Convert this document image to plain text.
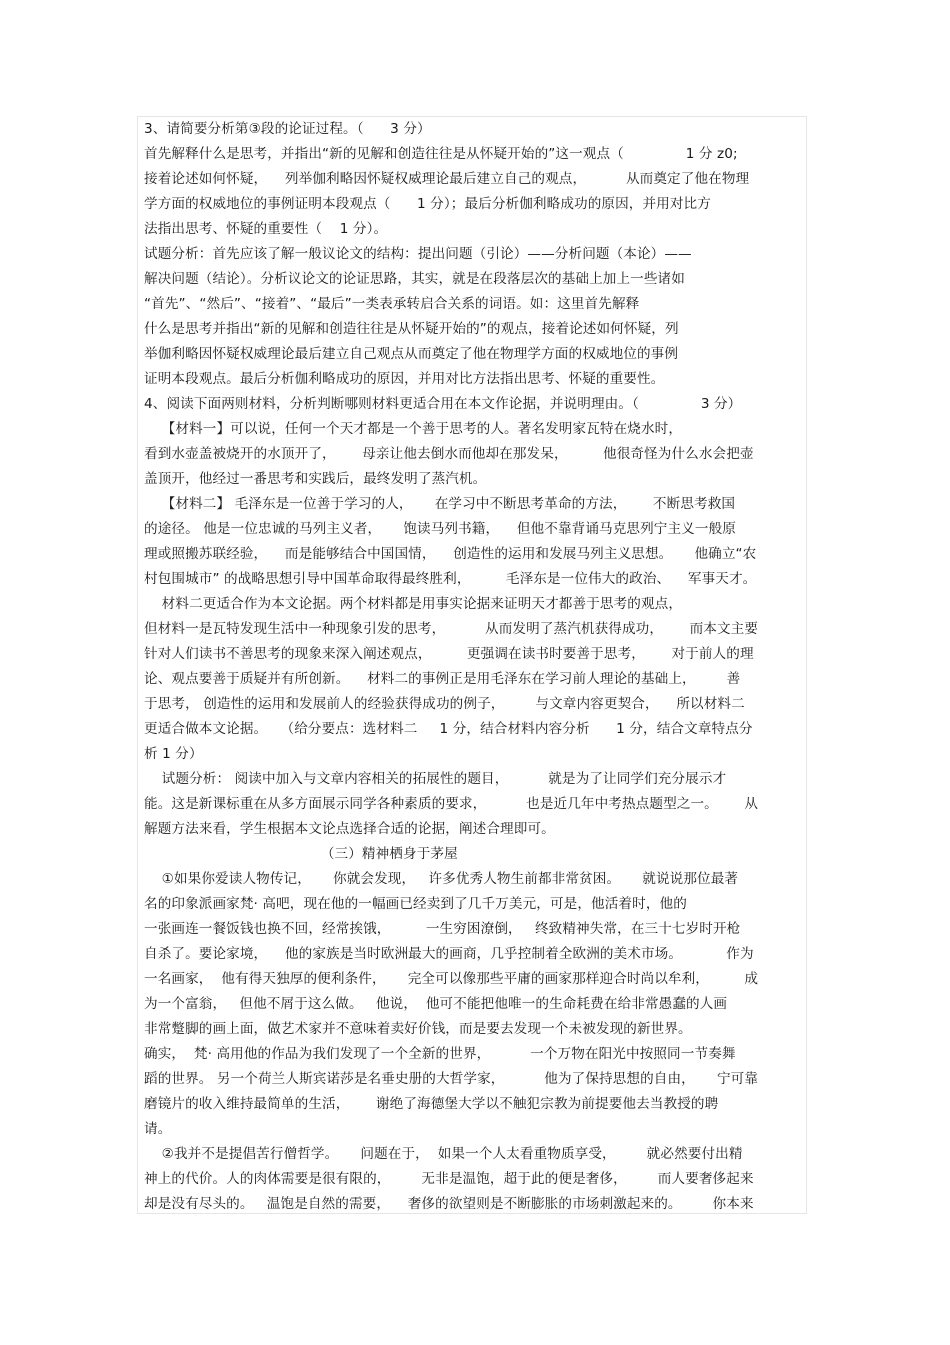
3、请简要分析第③段的论证过程。（      3 分）
首先解释什么是思考，并指出“新的见解和创造往往是从怀疑开始的”这一观点（              1 分 z0;
接着论述如何怀疑，    列举伽利略因怀疑权威理论最后建立自己的观点，         从而奠定了他在物理
学方面的权威地位的事例证明本段观点（      1 分）；最后分析伽利略成功的原因，并用对比方
法指出思考、怀疑的重要性（    1 分）。
试题分析：首先应该了解一般议论文的结构：提出问题（引论）——分析问题（本论）——
解决问题（结论）。分析议论文的论证思路，其实，就是在段落层次的基础上加上一些诸如
“首先”、“然后”、“接着”、“最后”一类表承转启合关系的词语。如：这里首先解释
什么是思考并指出“新的见解和创造往往是从怀疑开始的”的观点，接着论述如何怀疑，列
举伽利略因怀疑权威理论最后建立自己观点从而奠定了他在物理学方面的权威地位的事例
证明本段观点。最后分析伽利略成功的原因，并用对比方法指出思考、怀疑的重要性。
4、阅读下面两则材料，分析判断哪则材料更适合用在本文作论据，并说明理由。（              3 分）
【材料一】可以说，任何一个天才都是一个善于思考的人。著名发明家瓦特在烧水时，
看到水壶盖被烧开的水顶开了，      母亲让他去倒水而他却在那发呆，        他很奇怪为什么水会把壶
盖顶开，他经过一番思考和实践后，最终发明了蒸汽机。
【材料二】 毛泽东是一位善于学习的人，     在学习中不断思考革命的方法，      不断思考救国
的途径。 他是一位忠诚的马列主义者，     饱读马列书籍，    但他不靠背诵马克思列宁主义一般原
理或照搬苏联经验，    而是能够结合中国国情，    创造性的运用和发展马列主义思想。     他确立“农
村包围城市” 的战略思想引导中国革命取得最终胜利，        毛泽东是一位伟大的政治、    军事天才。
材料二更适合作为本文论据。两个材料都是用事实论据来证明天才都善于思考的观点，
但材料一是瓦特发现生活中一种现象引发的思考，         从而发明了蒸汽机获得成功，      而本文主要
针对人们读书不善思考的现象来深入阐述观点，        更强调在读书时要善于思考，      对于前人的理
论、观点要善于质疑并有所创新。    材料二的事例正是用毛泽东在学习前人理论的基础上，       善
于思考， 创造性的运用和发展前人的经验获得成功的例子，       与文章内容更契合，    所以材料二
更适合做本文论据。   （给分要点：选材料二     1 分，结合材料内容分析      1 分，结合文章特点分
析 1 分）
试题分析： 阅读中加入与文章内容相关的拓展性的题目，         就是为了让同学们充分展示才
能。这是新课标重在从多方面展示同学各种素质的要求，         也是近几年中考热点题型之一。      从
解题方法来看，学生根据本文论点选择合适的论据，阐述合理即可。
（三）精神栖身于茅屋
①如果你爱读人物传记，     你就会发现，   许多优秀人物生前都非常贫困。     就说说那位最著
名的印象派画家梵· 高吧，现在他的一幅画已经卖到了几千万美元，可是，他活着时，他的
一张画连一餐饭钱也换不回，经常挨饿，        一生穷困潦倒，   终致精神失常，在三十七岁时开枪
自杀了。要论家境，    他的家族是当时欧洲最大的画商，几乎控制着全欧洲的美术市场。          作为
一名画家，  他有得天独厚的便利条件，     完全可以像那些平庸的画家那样迎合时尚以牟利，        成
为一个富翁，   但他不屑于这么做。   他说，  他可不能把他唯一的生命耗费在给非常愚蠢的人画
非常蹩脚的画上面，做艺术家并不意味着卖好价钱，而是要去发现一个未被发现的新世界。
确实，  梵· 高用他的作品为我们发现了一个全新的世界，         一个万物在阳光中按照同一节奏舞
蹈的世界。 另一个荷兰人斯宾诺莎是名垂史册的大哲学家，         他为了保持思想的自由，     宁可靠
磨镜片的收入维持最简单的生活，      谢绝了海德堡大学以不触犯宗教为前提要他去当教授的聘
请。
②我并不是提倡苦行僧哲学。     问题在于，  如果一个人太看重物质享受，       就必然要付出精
神上的代价。人的肉体需要是很有限的，       无非是温饱，超于此的便是奢侈，       而人要奢侈起来
却是没有尽头的。   温饱是自然的需要，    奢侈的欲望则是不断膨胀的市场刺激起来的。       你本来
